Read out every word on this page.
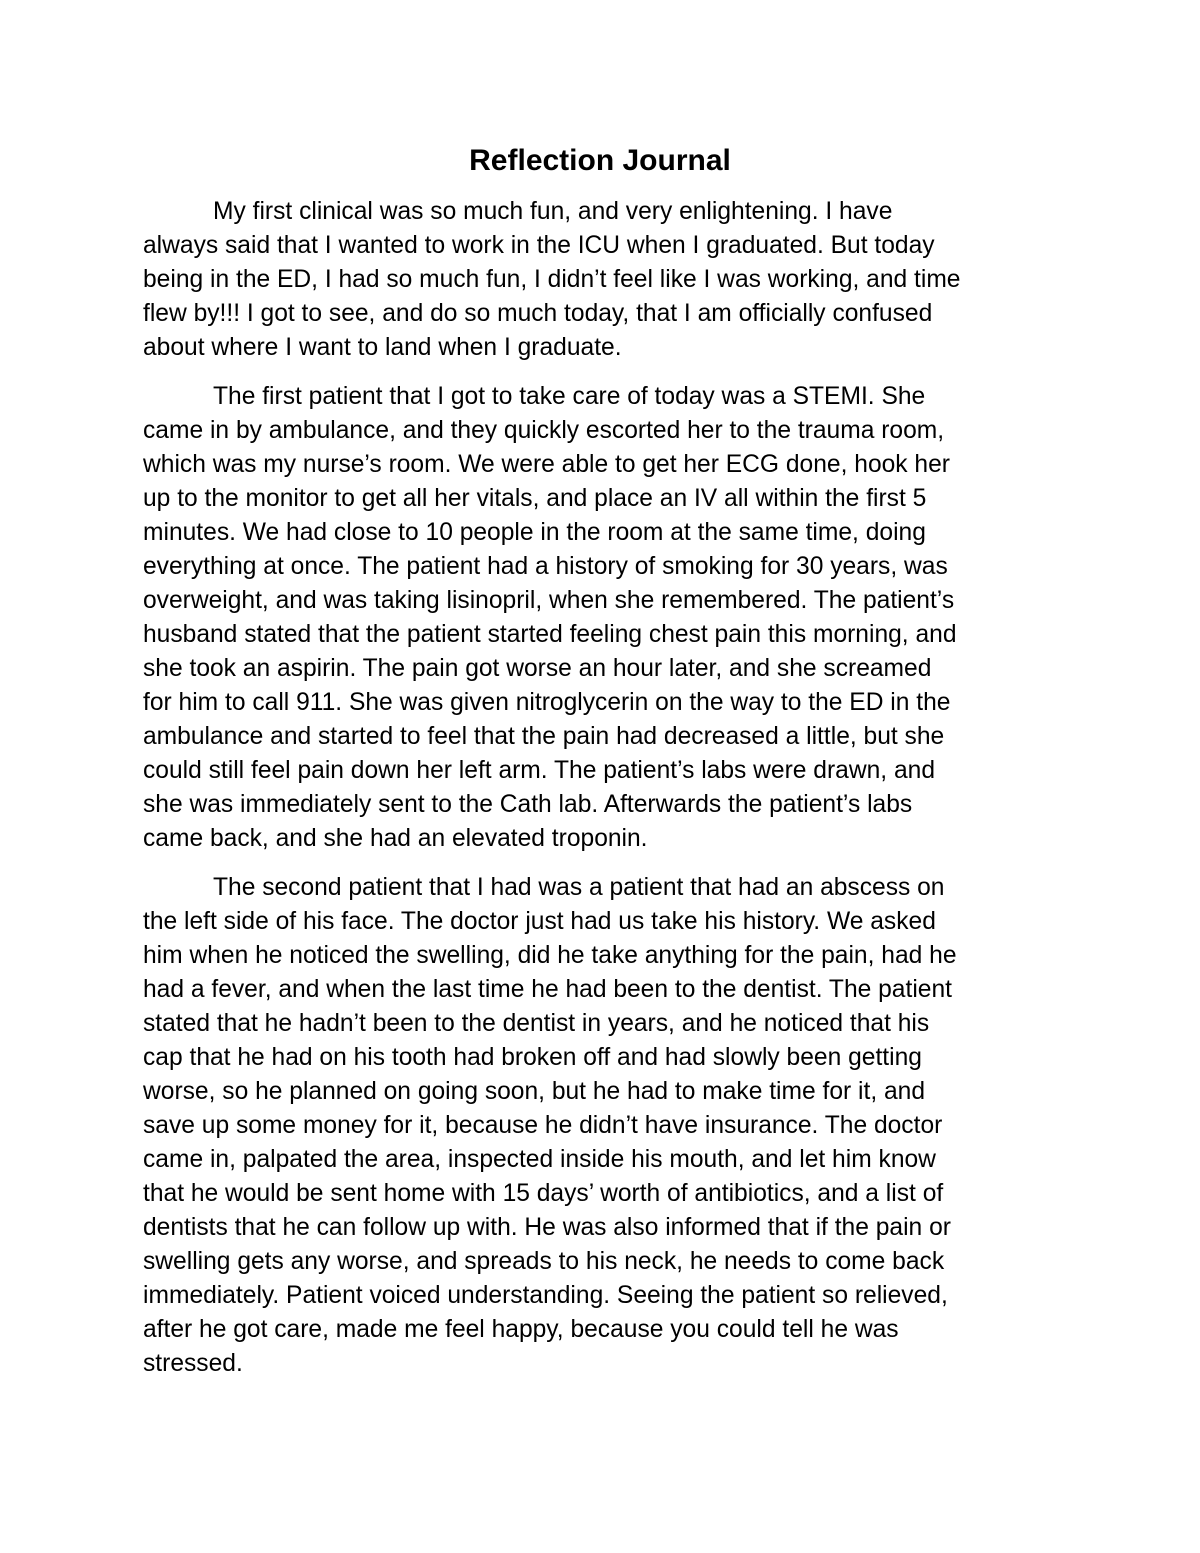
Reflection Journal

My first clinical was so much fun, and very enlightening. I have
always said that I wanted to work in the ICU when I graduated. But today
being in the ED, I had so much fun, I didn’t feel like I was working, and time
flew by!!! I got to see, and do so much today, that I am officially confused
about where I want to land when I graduate.

The first patient that I got to take care of today was a STEMI. She
came in by ambulance, and they quickly escorted her to the trauma room,
which was my nurse’s room. We were able to get her ECG done, hook her
up to the monitor to get all her vitals, and place an IV all within the first 5
minutes. We had close to 10 people in the room at the same time, doing
everything at once. The patient had a history of smoking for 30 years, was
overweight, and was taking lisinopril, when she remembered. The patient’s
husband stated that the patient started feeling chest pain this morning, and
she took an aspirin. The pain got worse an hour later, and she screamed
for him to call 911. She was given nitroglycerin on the way to the ED in the
ambulance and started to feel that the pain had decreased a little, but she
could still feel pain down her left arm. The patient’s labs were drawn, and
she was immediately sent to the Cath lab. Afterwards the patient’s labs
came back, and she had an elevated troponin.

The second patient that I had was a patient that had an abscess on
the left side of his face. The doctor just had us take his history. We asked
him when he noticed the swelling, did he take anything for the pain, had he
had a fever, and when the last time he had been to the dentist. The patient
stated that he hadn’t been to the dentist in years, and he noticed that his
cap that he had on his tooth had broken off and had slowly been getting
worse, so he planned on going soon, but he had to make time for it, and
save up some money for it, because he didn’t have insurance. The doctor
came in, palpated the area, inspected inside his mouth, and let him know
that he would be sent home with 15 days’ worth of antibiotics, and a list of
dentists that he can follow up with. He was also informed that if the pain or
swelling gets any worse, and spreads to his neck, he needs to come back
immediately. Patient voiced understanding. Seeing the patient so relieved,
after he got care, made me feel happy, because you could tell he was
stressed.
